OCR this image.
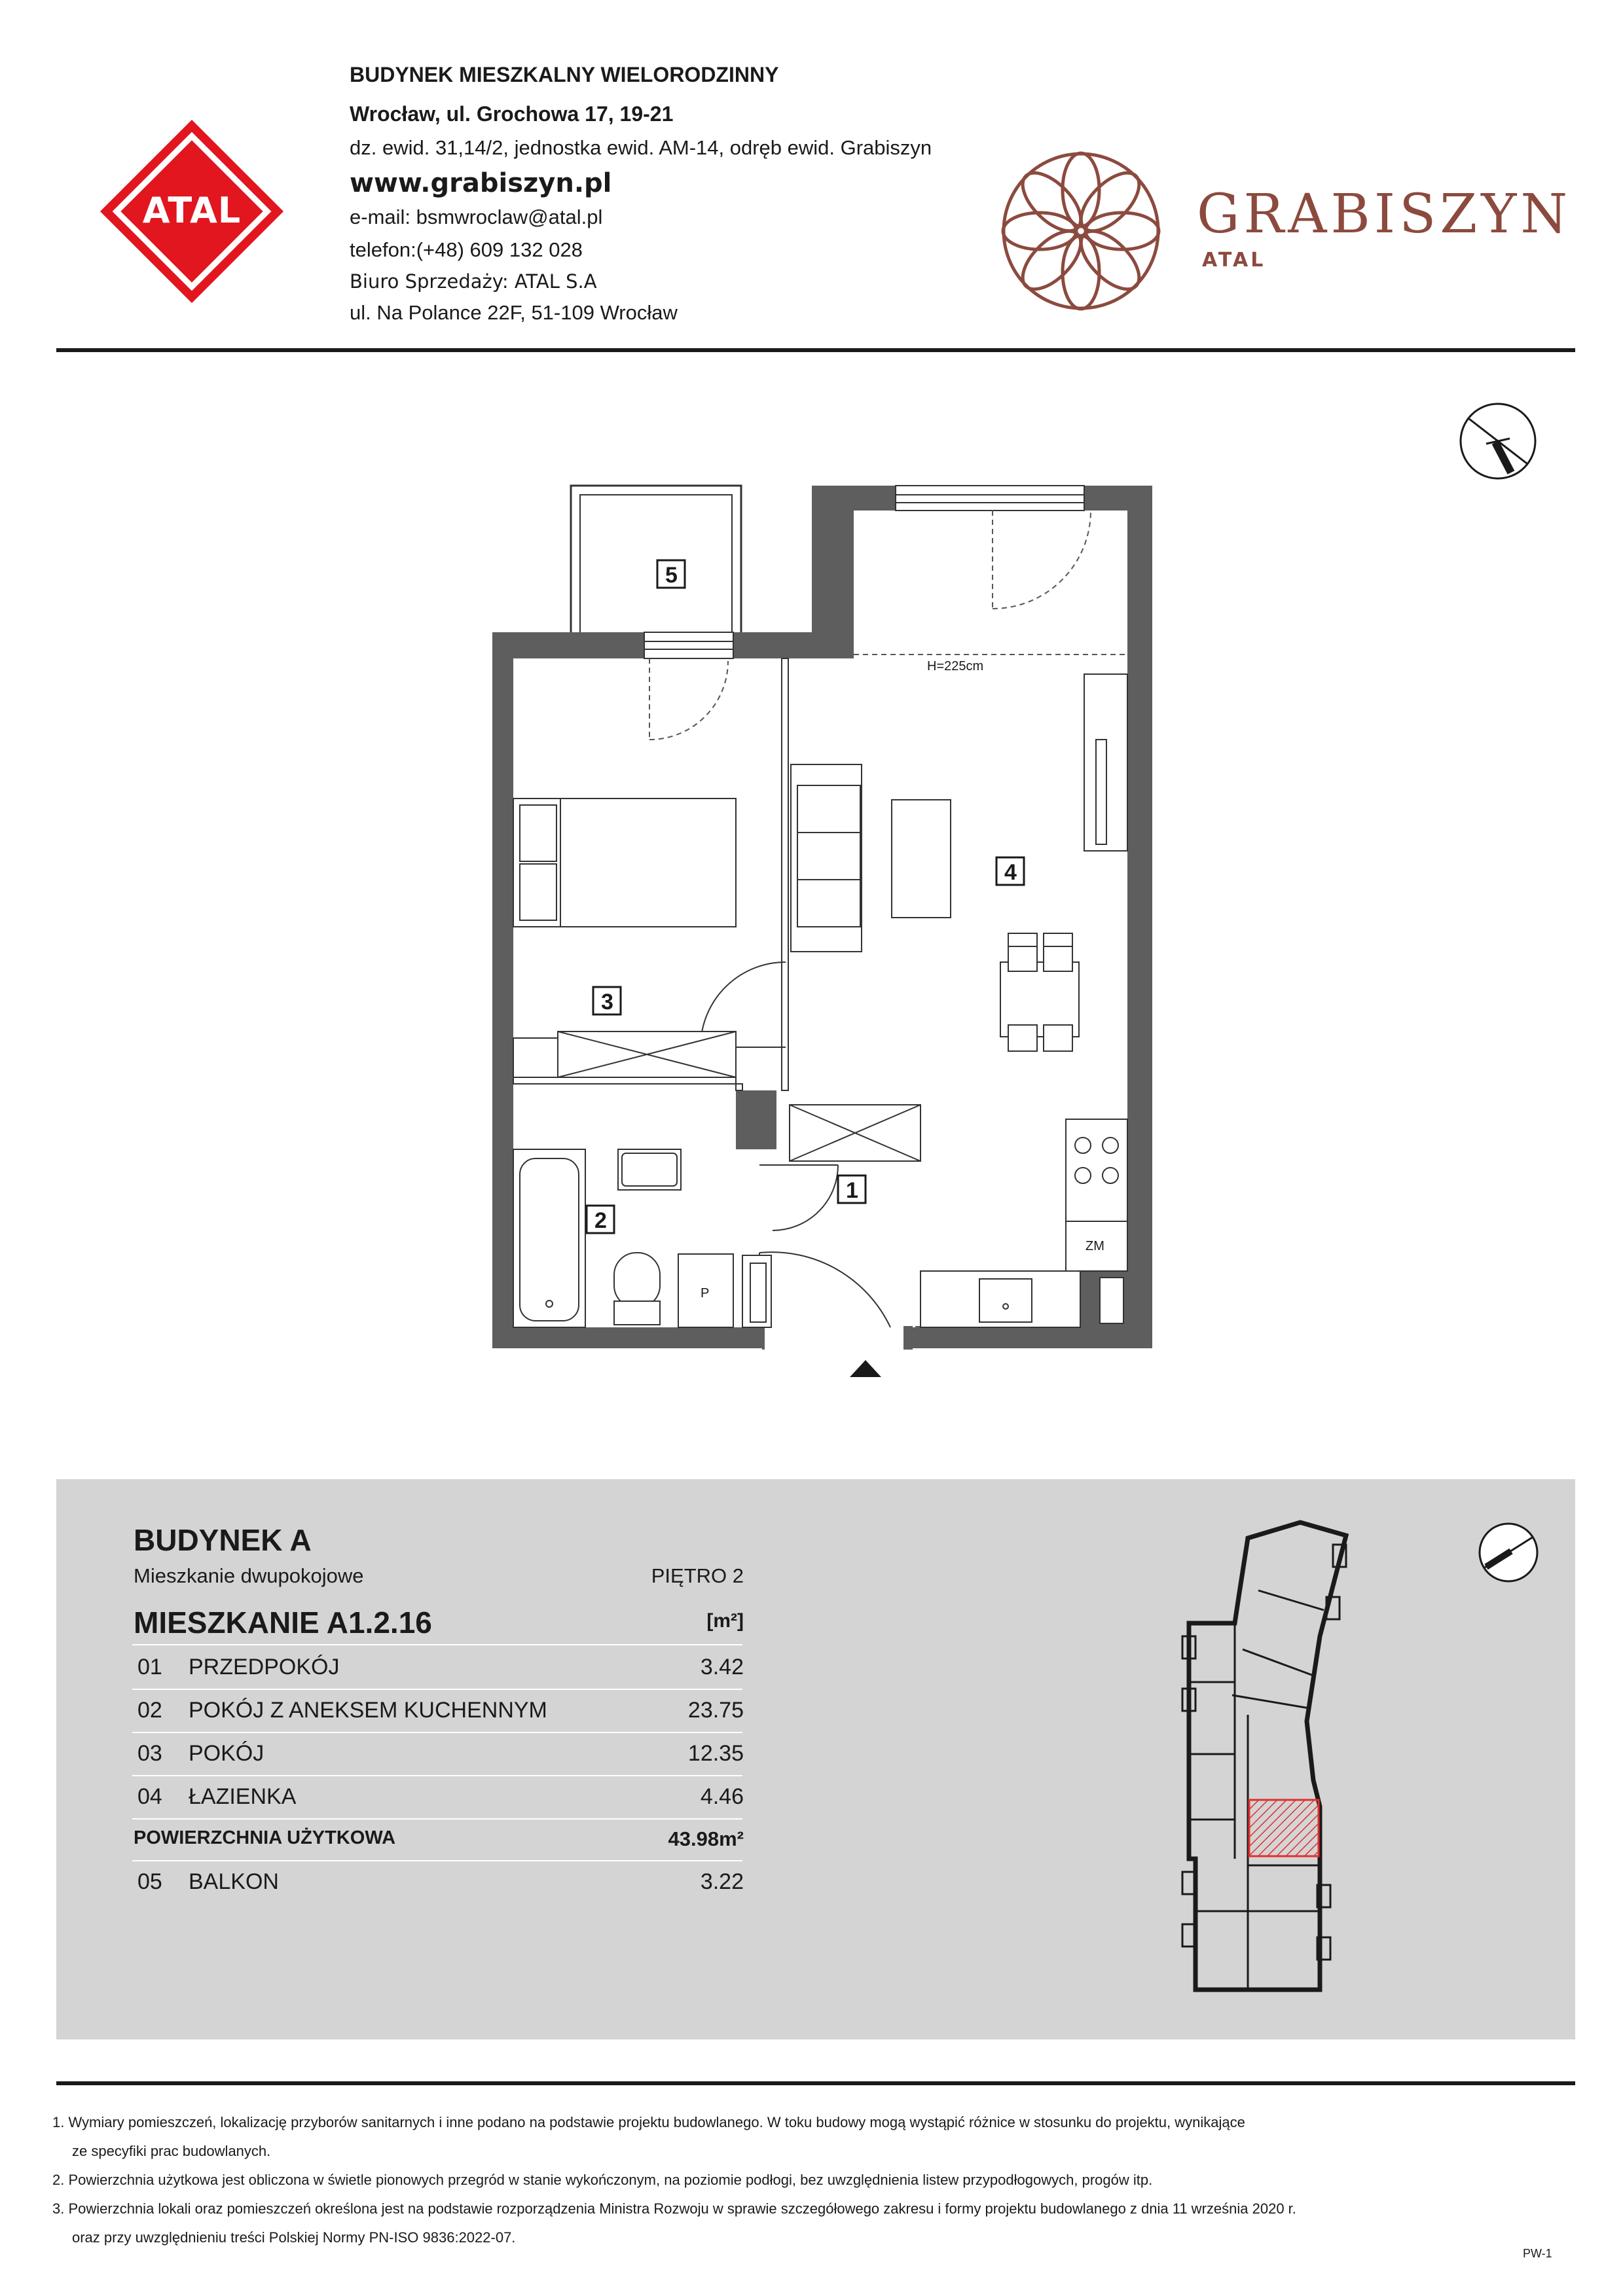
ATAL
BUDYNEK MIESZKALNY WIELORODZINNY
Wrocław, ul. Grochowa 17, 19-21
dz. ewid. 31,14/2, jednostka ewid. AM-14, odręb ewid. Grabiszyn
www.grabiszyn.pl
e-mail: bsmwroclaw@atal.pl
telefon:(+48) 609 132 028
Biuro Sprzedaży: ATAL S.A
ul. Na Polance 22F, 51-109 Wrocław
GRABISZYN
ATAL
5
4
3
1
2
H=225cm
ZM
P
BUDYNEK A
Mieszkanie dwupokojowe	PIĘTRO 2
MIESZKANIE A1.2.16	[m²]
01 PRZEDPOKÓJ	3.42
02 POKÓJ Z ANEKSEM KUCHENNYM	23.75
03 POKÓJ	12.35
04 ŁAZIENKA	4.46
POWIERZCHNIA UŻYTKOWA	43.98m²
05 BALKON	3.22
1. Wymiary pomieszczeń, lokalizację przyborów sanitarnych i inne podano na podstawie projektu budowlanego. W toku budowy mogą wystąpić różnice w stosunku do projektu, wynikające
ze specyfiki prac budowlanych.
2. Powierzchnia użytkowa jest obliczona w świetle pionowych przegród w stanie wykończonym, na poziomie podłogi, bez uwzględnienia listew przypodłogowych, progów itp.
3. Powierzchnia lokali oraz pomieszczeń określona jest na podstawie rozporządzenia Ministra Rozwoju w sprawie szczegółowego zakresu i formy projektu budowlanego z dnia 11 września 2020 r.
oraz przy uwzględnieniu treści Polskiej Normy PN-ISO 9836:2022-07.
PW-1
